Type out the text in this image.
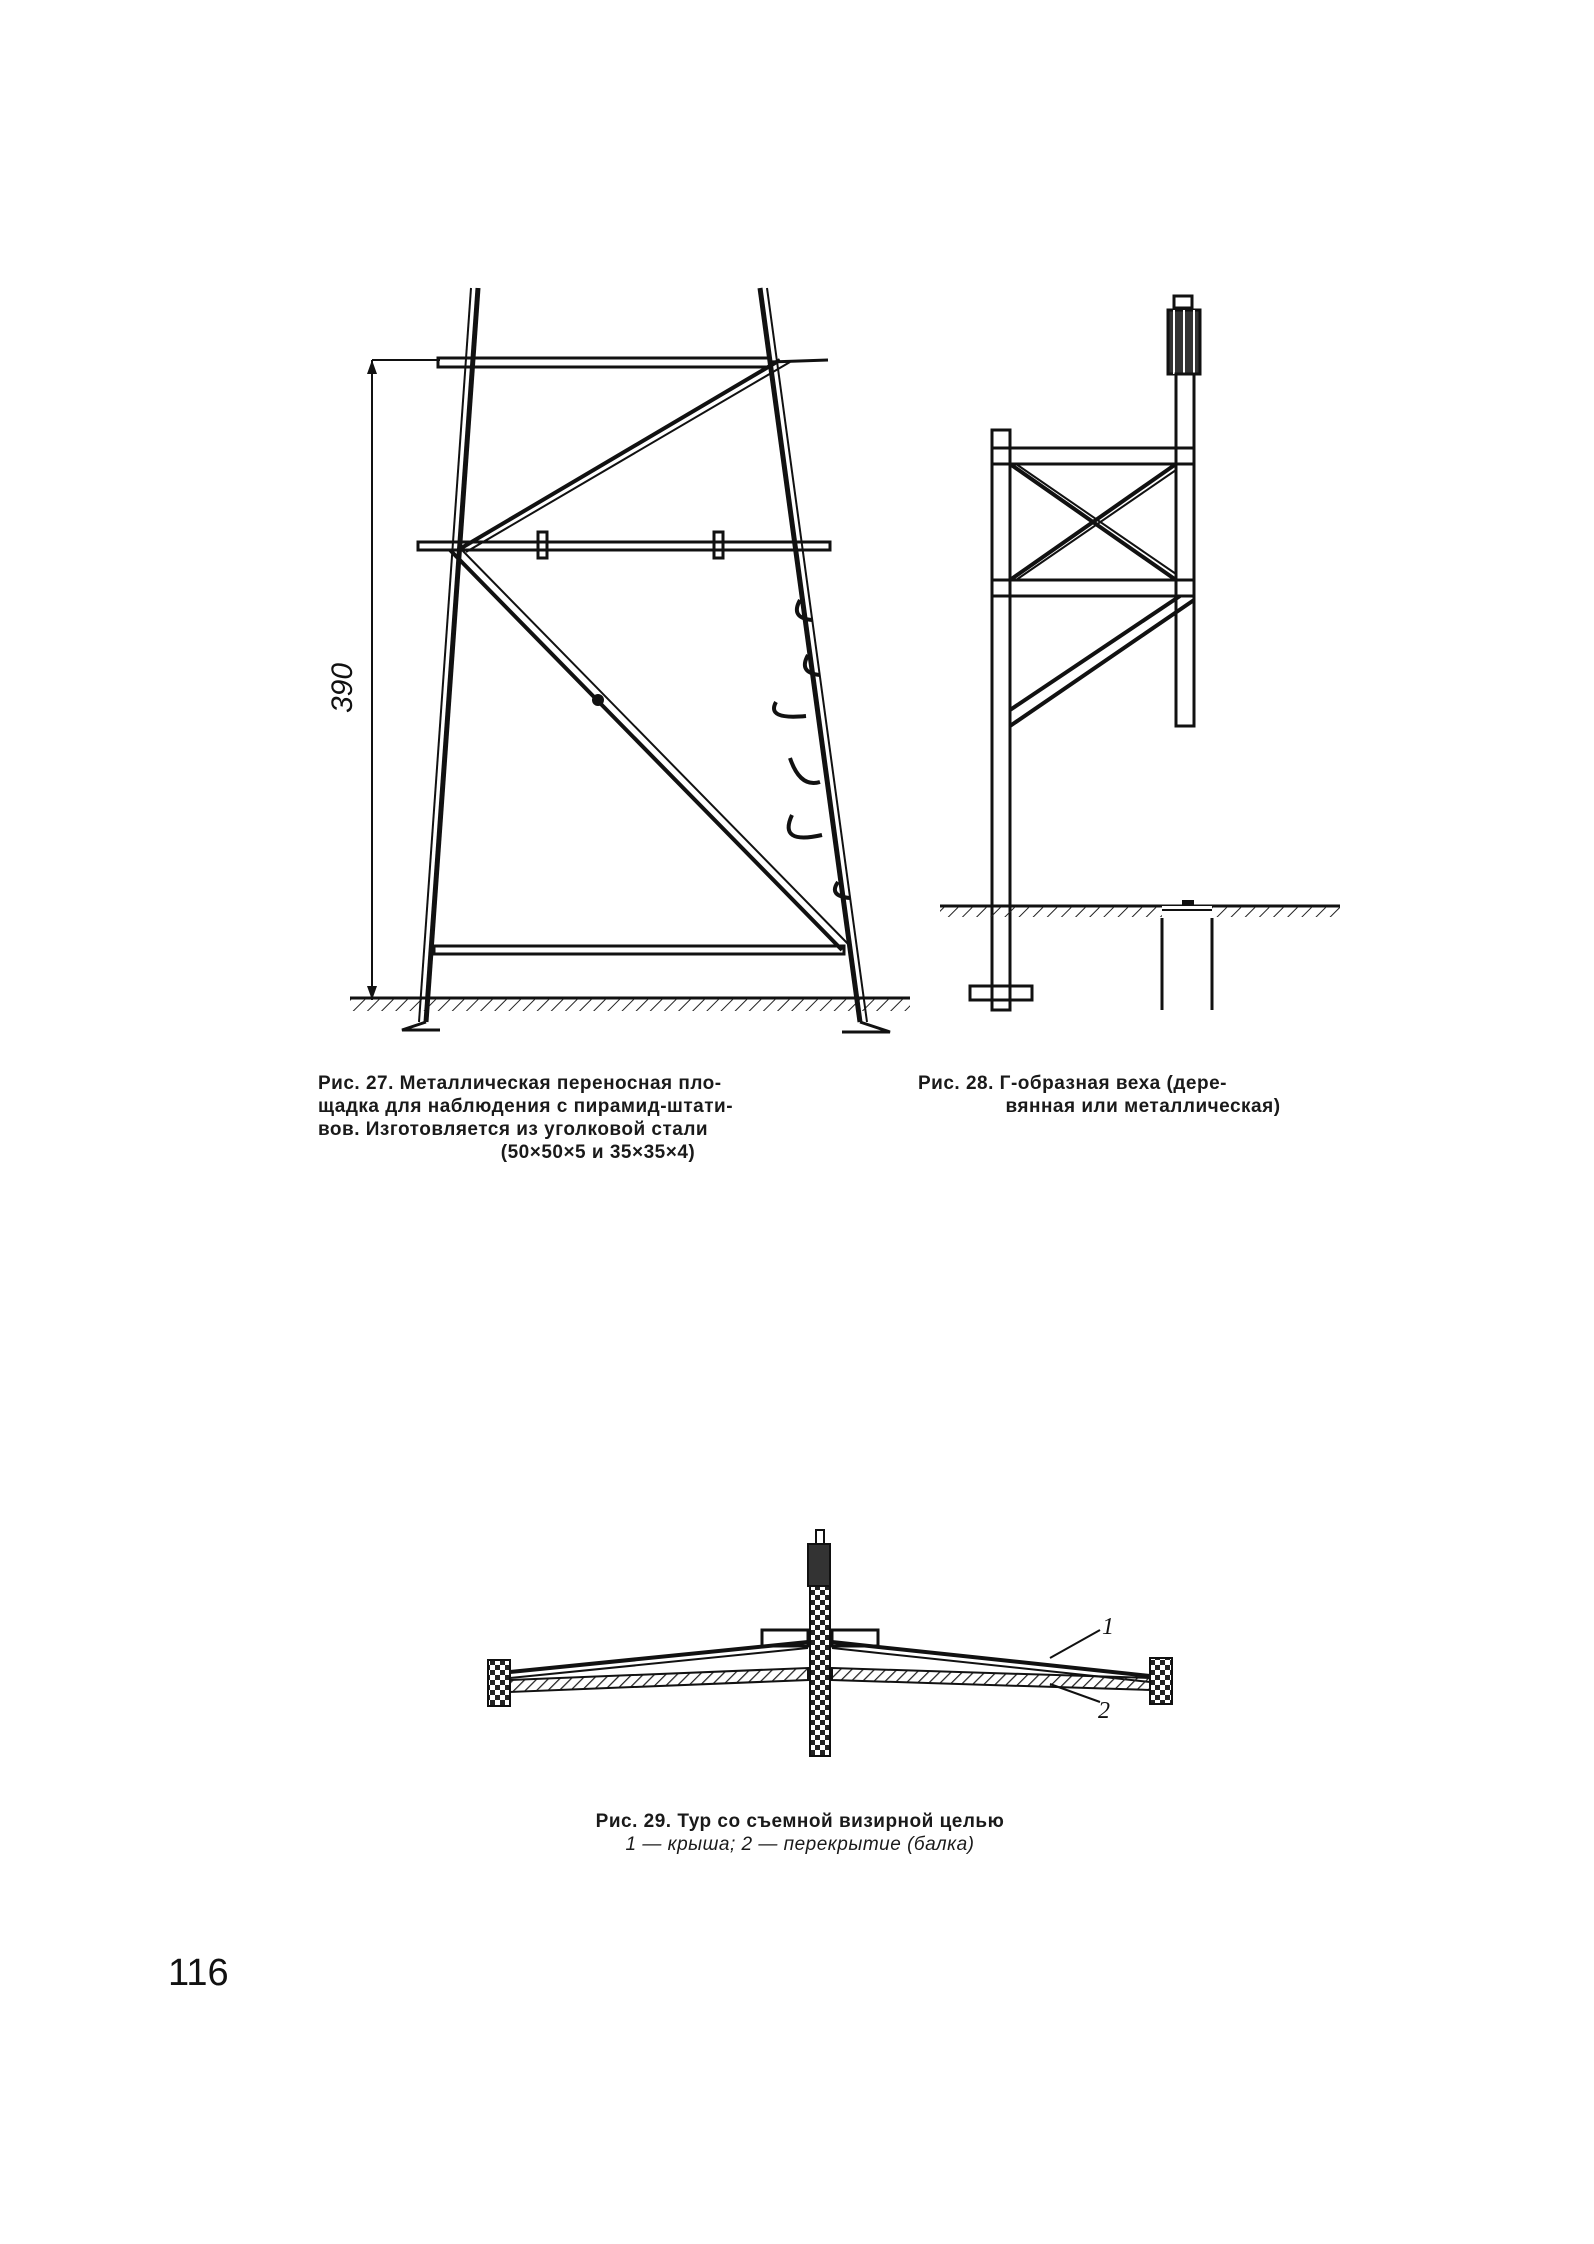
390
Рис. 27. Металлическая переносная пло-
щадка для наблюдения с пирамид-штати-
вов. Изготовляется из уголковой стали
(50×50×5 и 35×35×4)
Рис. 28. Г-образная веха (дере-
вянная или металлическая)
1
2
Рис. 29. Тур со съемной визирной целью
1 — крыша; 2 — перекрытие (балка)
116
